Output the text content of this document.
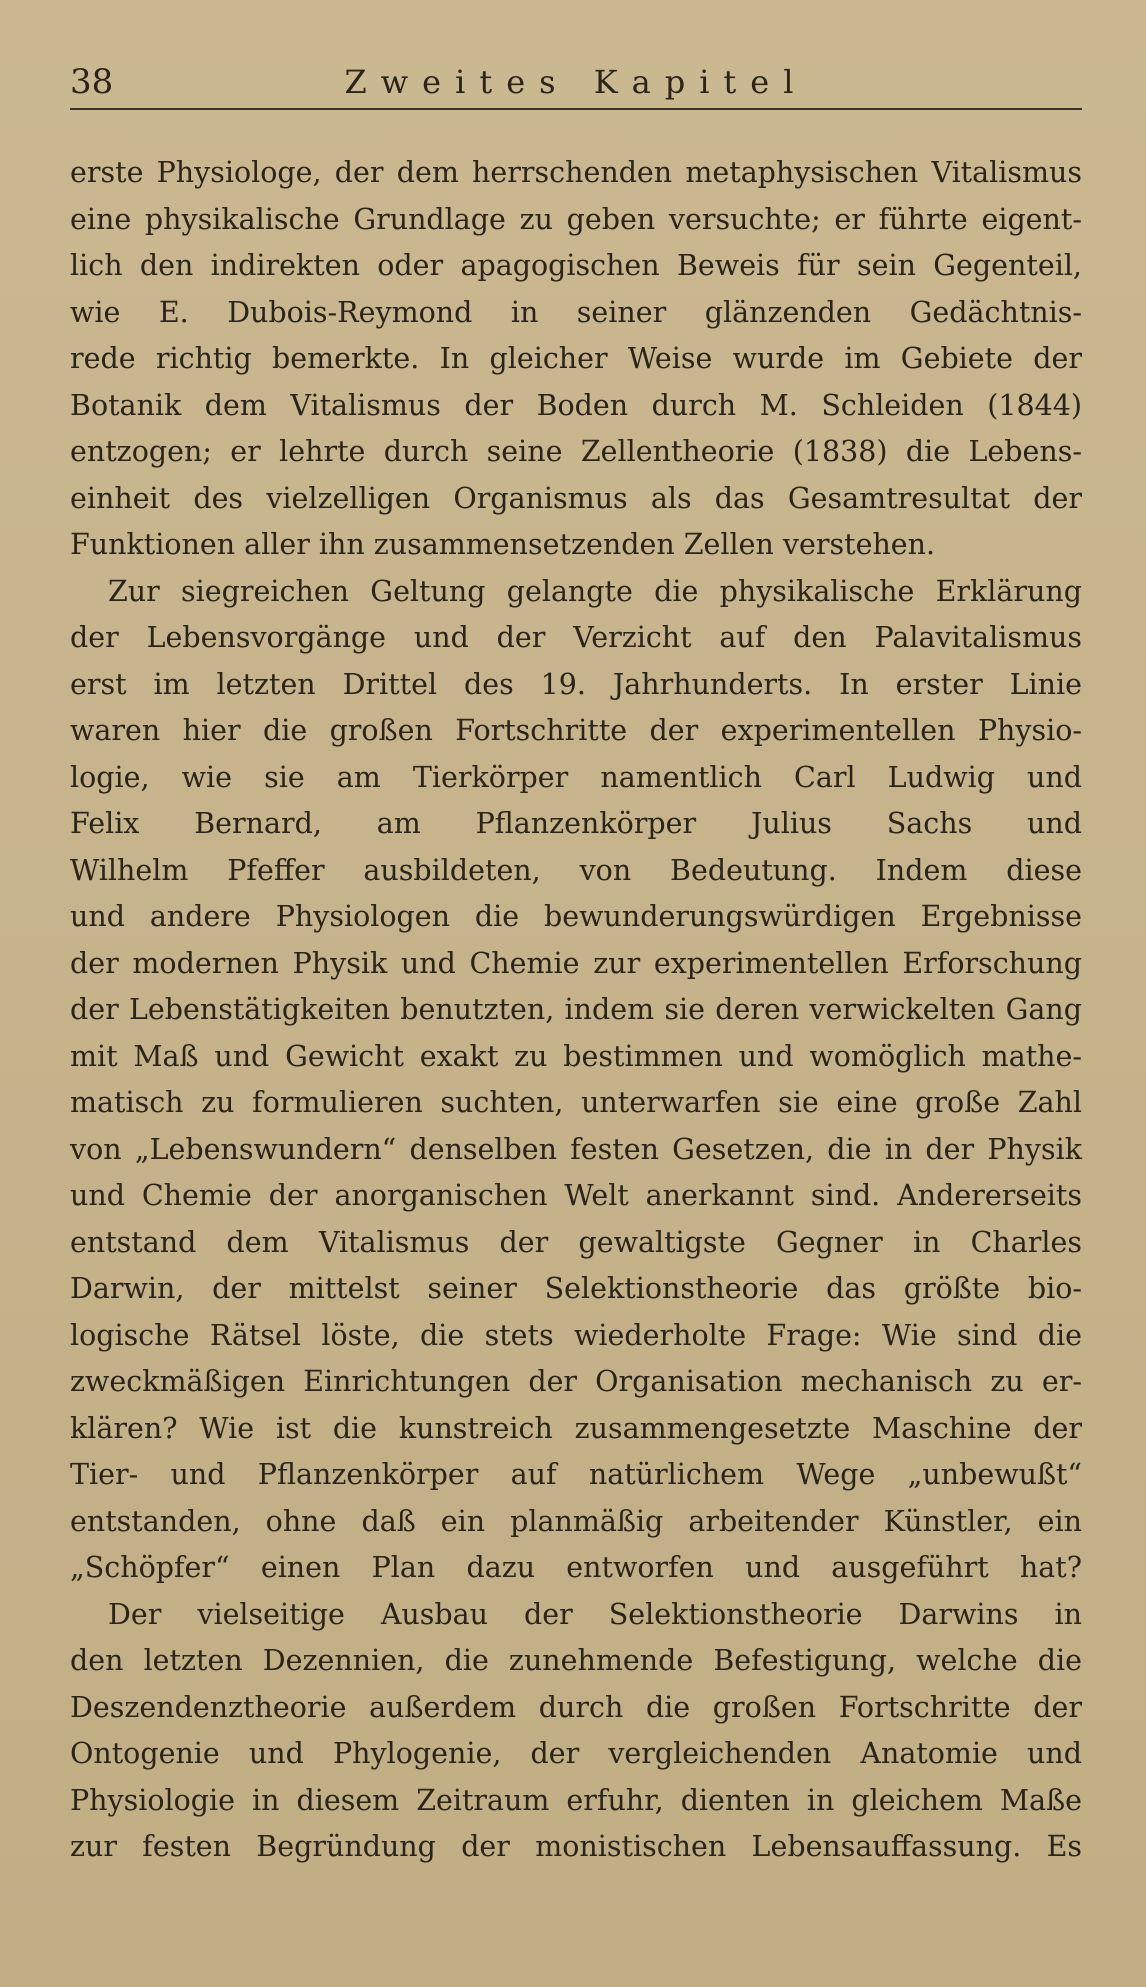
38	Zweites Kapitel
erste Physiologe, der dem herrschenden metaphysischen Vitalismus
eine physikalische Grundlage zu geben versuchte; er führte eigent-
lich den indirekten oder apagogischen Beweis für sein Gegenteil,
wie E. Dubois-Reymond in seiner glänzenden Gedächtnis-
rede richtig bemerkte. In gleicher Weise wurde im Gebiete der
Botanik dem Vitalismus der Boden durch M. Schleiden (1844)
entzogen; er lehrte durch seine Zellentheorie (1838) die Lebens-
einheit des vielzelligen Organismus als das Gesamtresultat der
Funktionen aller ihn zusammensetzenden Zellen verstehen.
Zur siegreichen Geltung gelangte die physikalische Erklärung
der Lebensvorgänge und der Verzicht auf den Palavitalismus
erst im letzten Drittel des 19. Jahrhunderts. In erster Linie
waren hier die großen Fortschritte der experimentellen Physio-
logie, wie sie am Tierkörper namentlich Carl Ludwig und
Felix Bernard, am Pflanzenkörper Julius Sachs und
Wilhelm Pfeffer ausbildeten, von Bedeutung. Indem diese
und andere Physiologen die bewunderungswürdigen Ergebnisse
der modernen Physik und Chemie zur experimentellen Erforschung
der Lebenstätigkeiten benutzten, indem sie deren verwickelten Gang
mit Maß und Gewicht exakt zu bestimmen und womöglich mathe-
matisch zu formulieren suchten, unterwarfen sie eine große Zahl
von „Lebenswundern“ denselben festen Gesetzen, die in der Physik
und Chemie der anorganischen Welt anerkannt sind. Andererseits
entstand dem Vitalismus der gewaltigste Gegner in Charles
Darwin, der mittelst seiner Selektionstheorie das größte bio-
logische Rätsel löste, die stets wiederholte Frage: Wie sind die
zweckmäßigen Einrichtungen der Organisation mechanisch zu er-
klären? Wie ist die kunstreich zusammengesetzte Maschine der
Tier- und Pflanzenkörper auf natürlichem Wege „unbewußt“
entstanden, ohne daß ein planmäßig arbeitender Künstler, ein
„Schöpfer“ einen Plan dazu entworfen und ausgeführt hat?
Der vielseitige Ausbau der Selektionstheorie Darwins in
den letzten Dezennien, die zunehmende Befestigung, welche die
Deszendenztheorie außerdem durch die großen Fortschritte der
Ontogenie und Phylogenie, der vergleichenden Anatomie und
Physiologie in diesem Zeitraum erfuhr, dienten in gleichem Maße
zur festen Begründung der monistischen Lebensauffassung. Es
